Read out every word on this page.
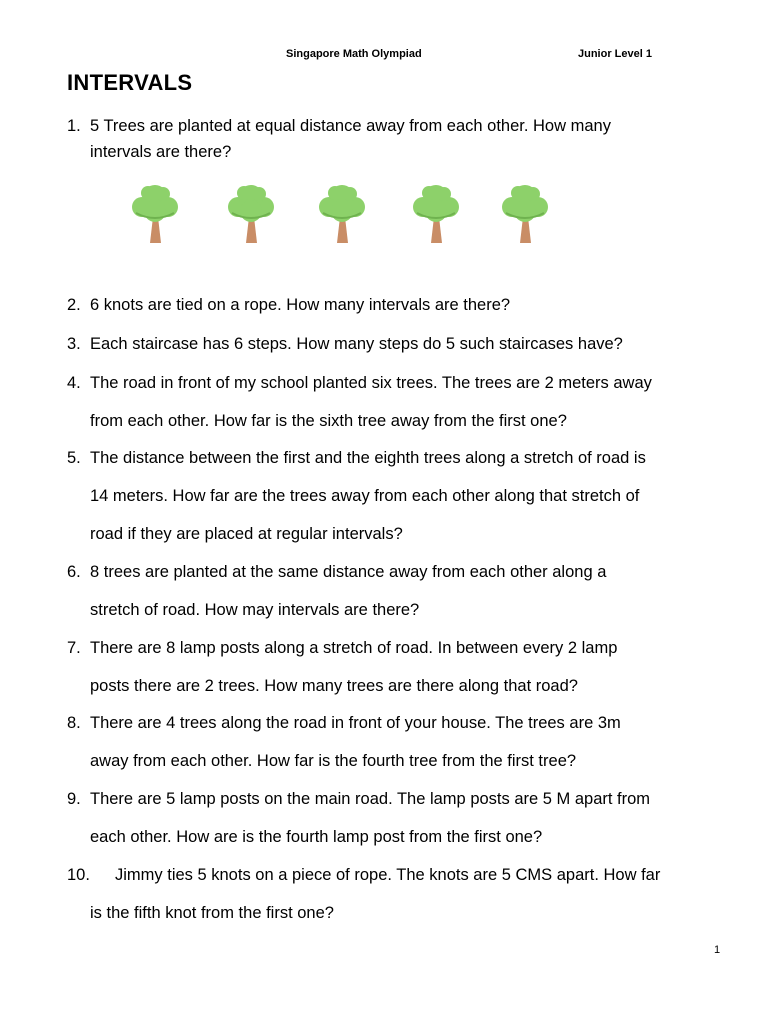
Singapore Math Olympiad	Junior Level 1
INTERVALS
1. 5 Trees are planted at equal distance away from each other. How many
intervals are there?
2. 6 knots are tied on a rope. How many intervals are there?
3. Each staircase has 6 steps. How many steps do 5 such staircases have?
4. The road in front of my school planted six trees. The trees are 2 meters away
from each other. How far is the sixth tree away from the first one?
5. The distance between the first and the eighth trees along a stretch of road is
14 meters. How far are the trees away from each other along that stretch of
road if they are placed at regular intervals?
6. 8 trees are planted at the same distance away from each other along a
stretch of road. How may intervals are there?
7. There are 8 lamp posts along a stretch of road. In between every 2 lamp
posts there are 2 trees. How many trees are there along that road?
8. There are 4 trees along the road in front of your house. The trees are 3m
away from each other. How far is the fourth tree from the first tree?
9. There are 5 lamp posts on the main road. The lamp posts are 5 M apart from
each other. How are is the fourth lamp post from the first one?
10. Jimmy ties 5 knots on a piece of rope. The knots are 5 CMS apart. How far
is the fifth knot from the first one?
1
